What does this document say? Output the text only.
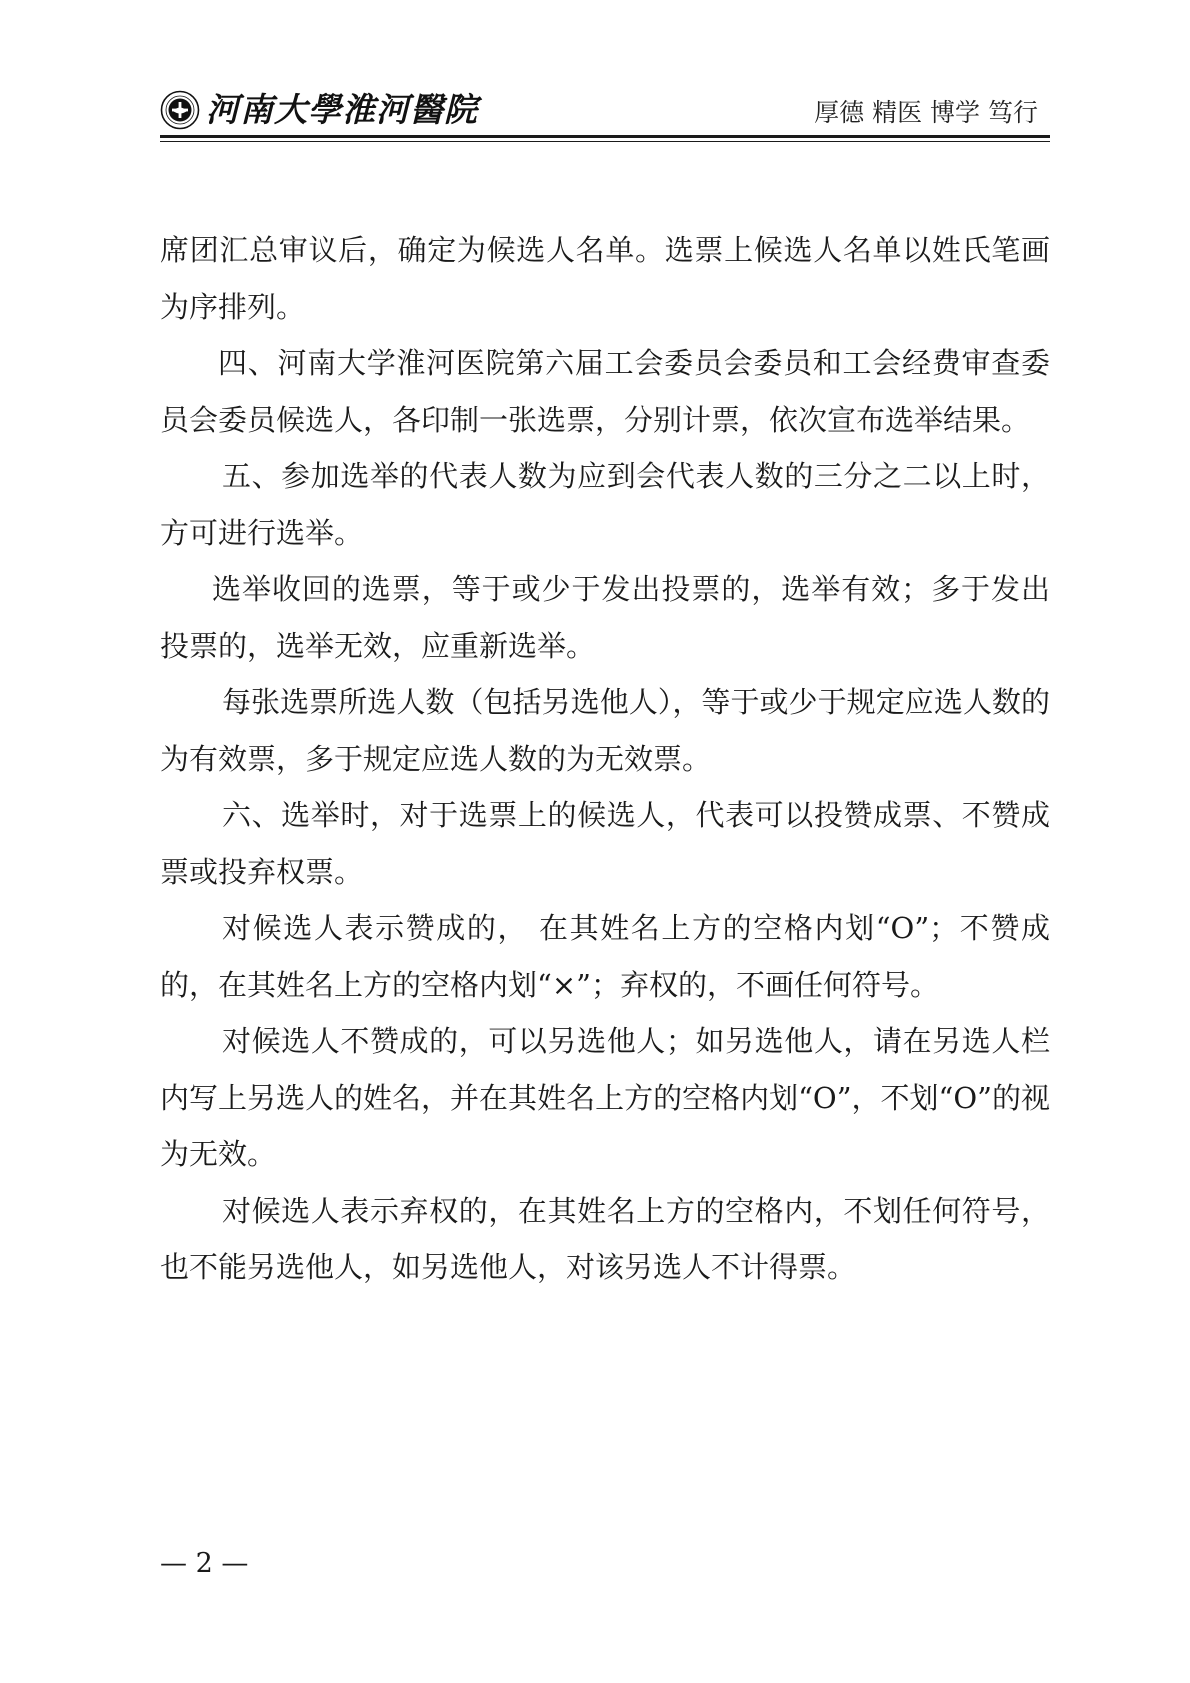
河南大學淮河醫院	厚德 精医 博学 笃行

席团汇总审议后，确定为候选人名单。选票上候选人名单以姓氏笔画为序排列。

四、河南大学淮河医院第六届工会委员会委员和工会经费审查委员会委员候选人，各印制一张选票，分别计票，依次宣布选举结果。

五、参加选举的代表人数为应到会代表人数的三分之二以上时，方可进行选举。

选举收回的选票，等于或少于发出投票的，选举有效；多于发出投票的，选举无效，应重新选举。

每张选票所选人数（包括另选他人），等于或少于规定应选人数的为有效票，多于规定应选人数的为无效票。

六、选举时，对于选票上的候选人，代表可以投赞成票、不赞成票或投弃权票。

对候选人表示赞成的， 在其姓名上方的空格内划“O”；不赞成的，在其姓名上方的空格内划“×”；弃权的，不画任何符号。

对候选人不赞成的，可以另选他人；如另选他人，请在另选人栏内写上另选人的姓名，并在其姓名上方的空格内划“O”，不划“O”的视为无效。

对候选人表示弃权的，在其姓名上方的空格内，不划任何符号，也不能另选他人，如另选他人，对该另选人不计得票。

— 2 —
